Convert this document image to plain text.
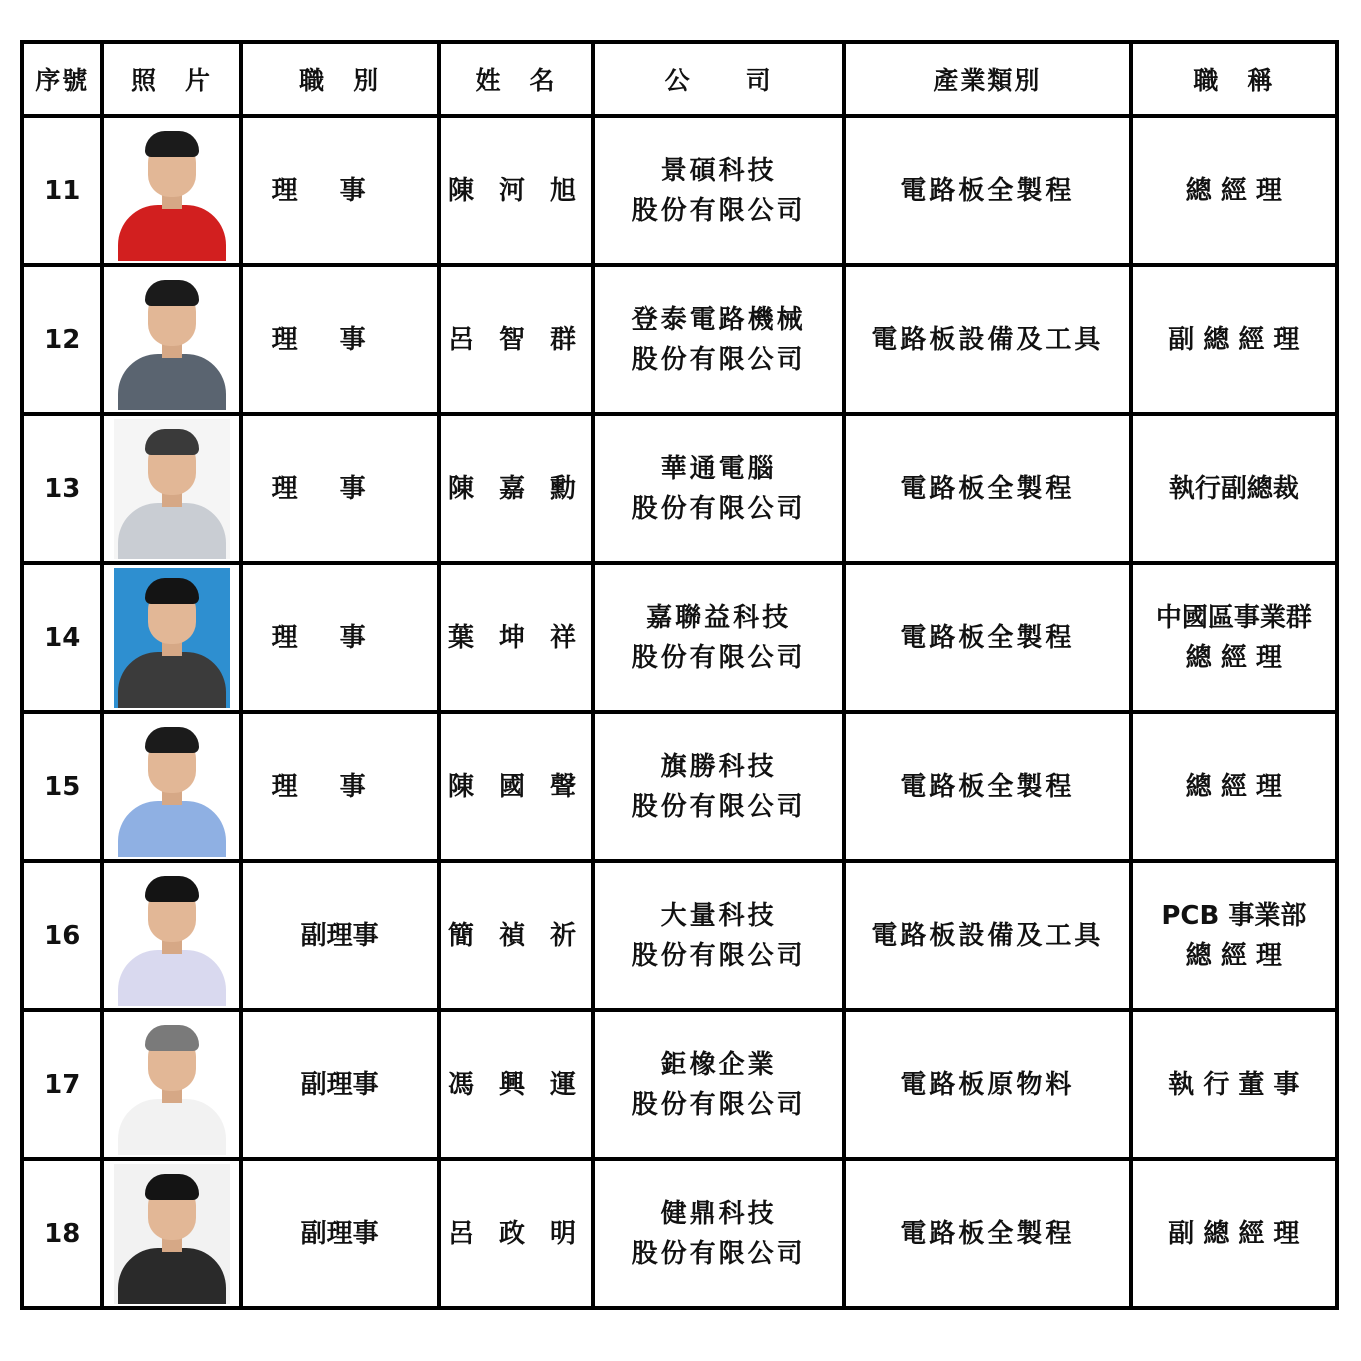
序號	照　片	職　別	姓　名	公　　司	產業類別	職　稱
11		理事	陳 河 旭	景碩科技
股份有限公司	電路板全製程	總 經 理

12		理事	呂 智 群	登泰電路機械
股份有限公司	電路板設備及工具	副 總 經 理

13		理事	陳 嘉 勳	華通電腦
股份有限公司	電路板全製程	執行副總裁

14		理事	葉 坤 祥	嘉聯益科技
股份有限公司	電路板全製程	中國區事業群
總 經 理

15		理事	陳 國 聲	旗勝科技
股份有限公司	電路板全製程	總 經 理

16		副理事	簡 禎 祈	大量科技
股份有限公司	電路板設備及工具	PCB 事業部
總 經 理

17		副理事	馮 興 運	鉅橡企業
股份有限公司	電路板原物料	執 行 董 事

18		副理事	呂 政 明	健鼎科技
股份有限公司	電路板全製程	副 總 經 理
